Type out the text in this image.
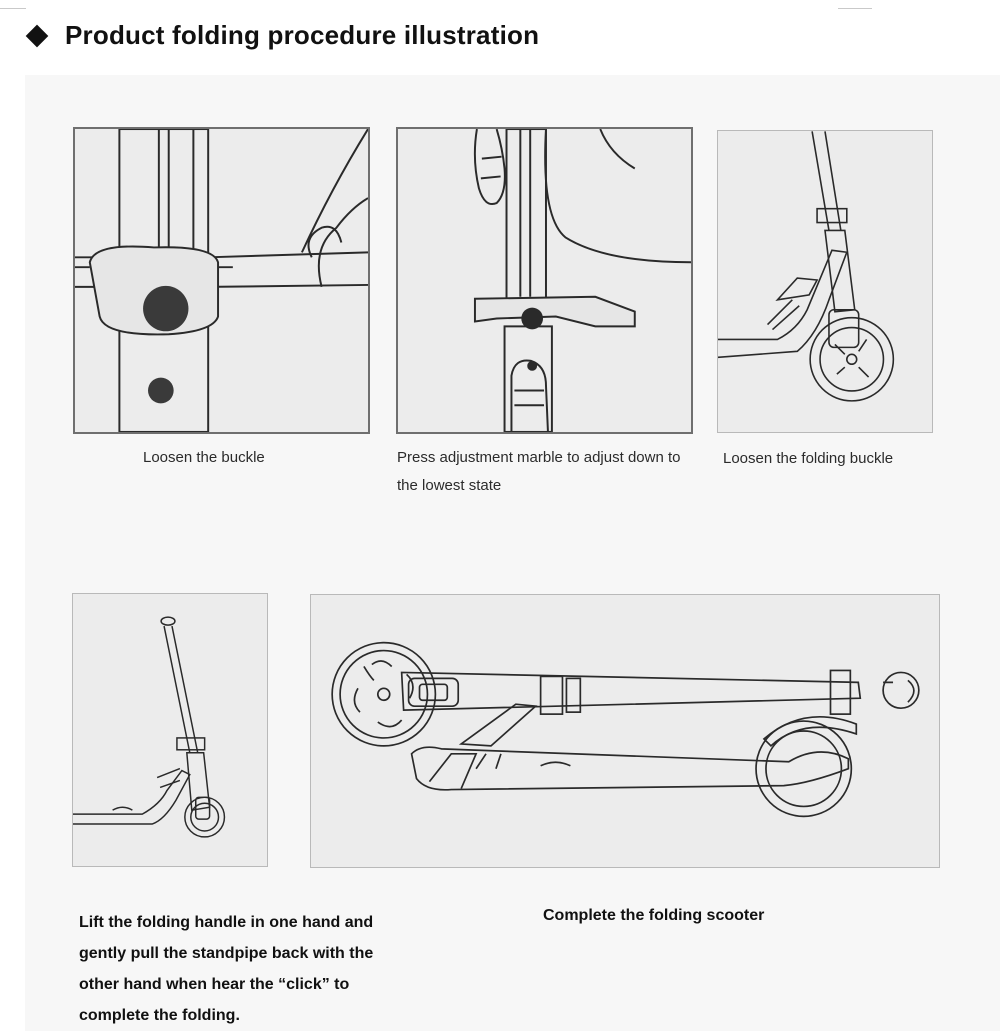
Product folding procedure illustration
Loosen the buckle	Press adjustment marble to adjust down to the lowest state
Loosen the folding buckle
Lift the folding handle in one hand and gently pull the standpipe back with the other hand when hear the “click” to complete the folding.
Complete the folding scooter
